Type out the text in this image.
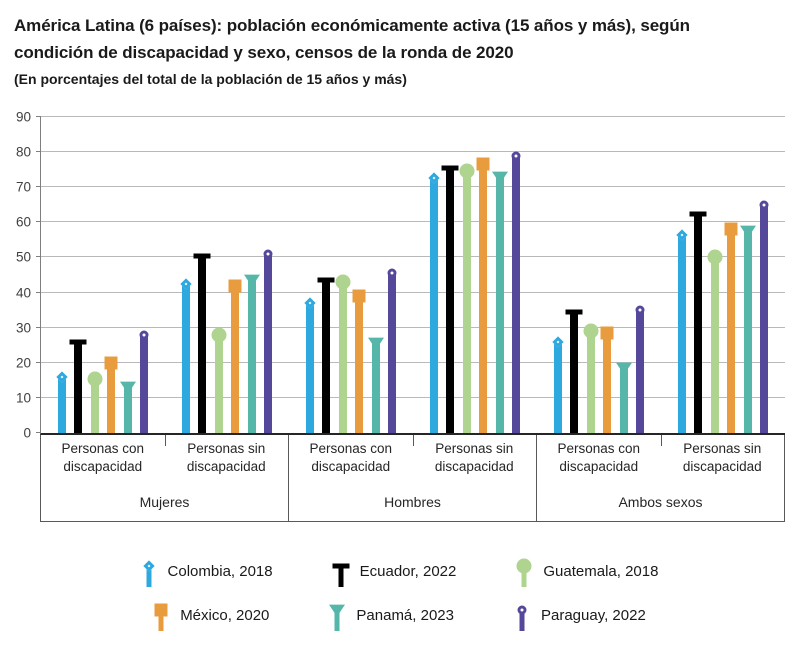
América Latina (6 países): población económicamente activa (15 años y más), según
condición de discapacidad y sexo, censos de la ronda de 2020
(En porcentajes del total de la población de 15 años y más)
0
10
20
30
40
50
60
70
80
90
Personas con discapacidad
Personas sin discapacidad
Mujeres
Personas con discapacidad
Personas sin discapacidad
Hombres
Personas con discapacidad
Personas sin discapacidad
Ambos sexos
Colombia, 2018	Ecuador, 2022	Guatemala, 2018
México, 2020	Panamá, 2023	Paraguay, 2022
